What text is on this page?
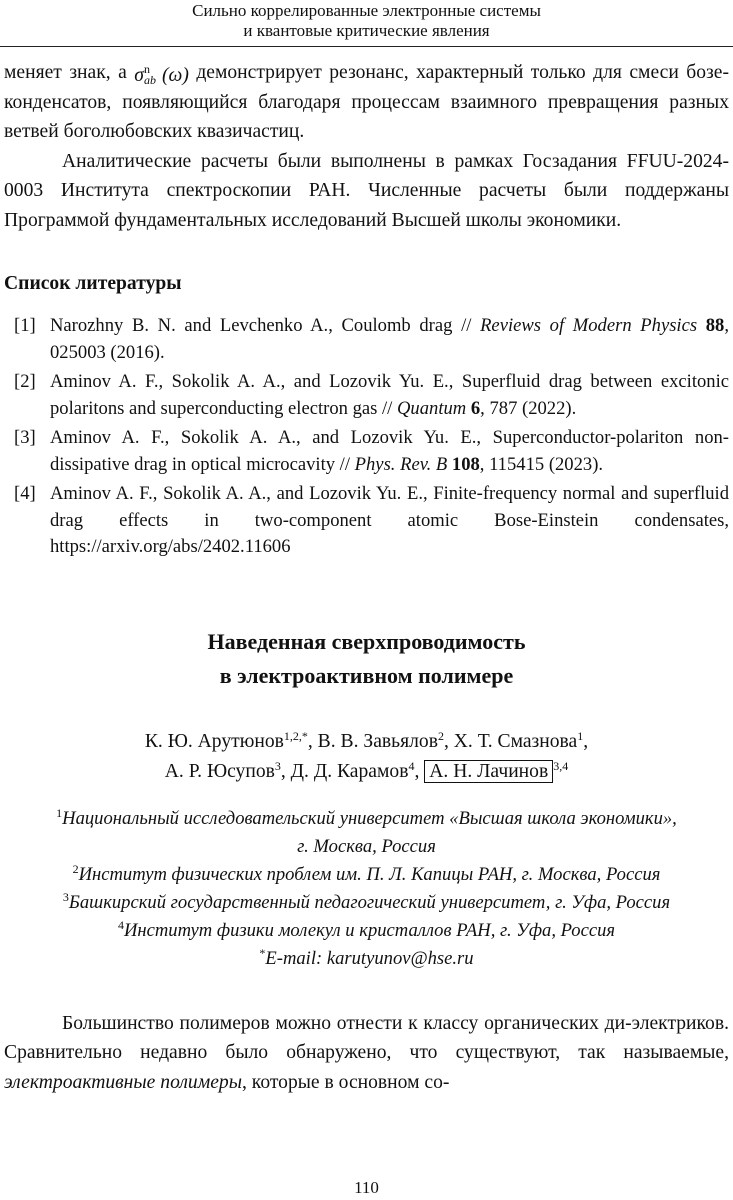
Сильно коррелированные электронные системы
и квантовые критические явления

меняет знак, а $\sigma^nab$ (ω) демонстрирует резонанс, характерный только для смеси бозе-конденсатов, появляющийся благодаря процессам взаимного превращения разных ветвей боголюбовских квазичастиц.

Аналитические расчеты были выполнены в рамках Госзадания FFUU-2024-0003 Института спектроскопии РАН. Численные расчеты были поддержаны Программой фундаментальных исследований Высшей школы экономики.

Список литературы
[1] Narozhny B. N. and Levchenko A., Coulomb drag // Reviews of Modern Physics 88, 025003 (2016).
[2] Aminov A. F., Sokolik A. A., and Lozovik Yu. E., Superfluid drag between excitonic polaritons and superconducting electron gas // Quantum 6, 787 (2022).
[3] Aminov A. F., Sokolik A. A., and Lozovik Yu. E., Superconductor-polariton non-dissipative drag in optical microcavity // Phys. Rev. B 108, 115415 (2023).
[4] Aminov A. F., Sokolik A. A., and Lozovik Yu. E., Finite-frequency normal and superfluid drag effects in two-component atomic Bose-Einstein condensates, https://arxiv.org/abs/2402.11606
Наведенная сверхпроводимость
в электроактивном полимере
К. Ю. Арутюнов$^{1,2,*}$, В. В. Завьялов$^2$, Х. Т. Смазнова$^1$,
А. Р. Юсупов$^3$, Д. Д. Карамов$^4$, А. Н. Лачинов $^{3,4}$
$^1$Национальный исследовательский университет «Высшая школа экономики»,
г. Москва, Россия
$^2$Институт физических проблем им. П. Л. Капицы РАН, г. Москва, Россия
$^3$Башкирский государственный педагогический университет, г. Уфа, Россия
$^4$Институт физики молекул и кристаллов РАН, г. Уфа, Россия
*E-mail: karutyunov@hse.ru

Большинство полимеров можно отнести к классу органических ди-электриков. Сравнительно недавно было обнаружено, что существуют, так называемые, электроактивные полимеры, которые в основном со-

110
